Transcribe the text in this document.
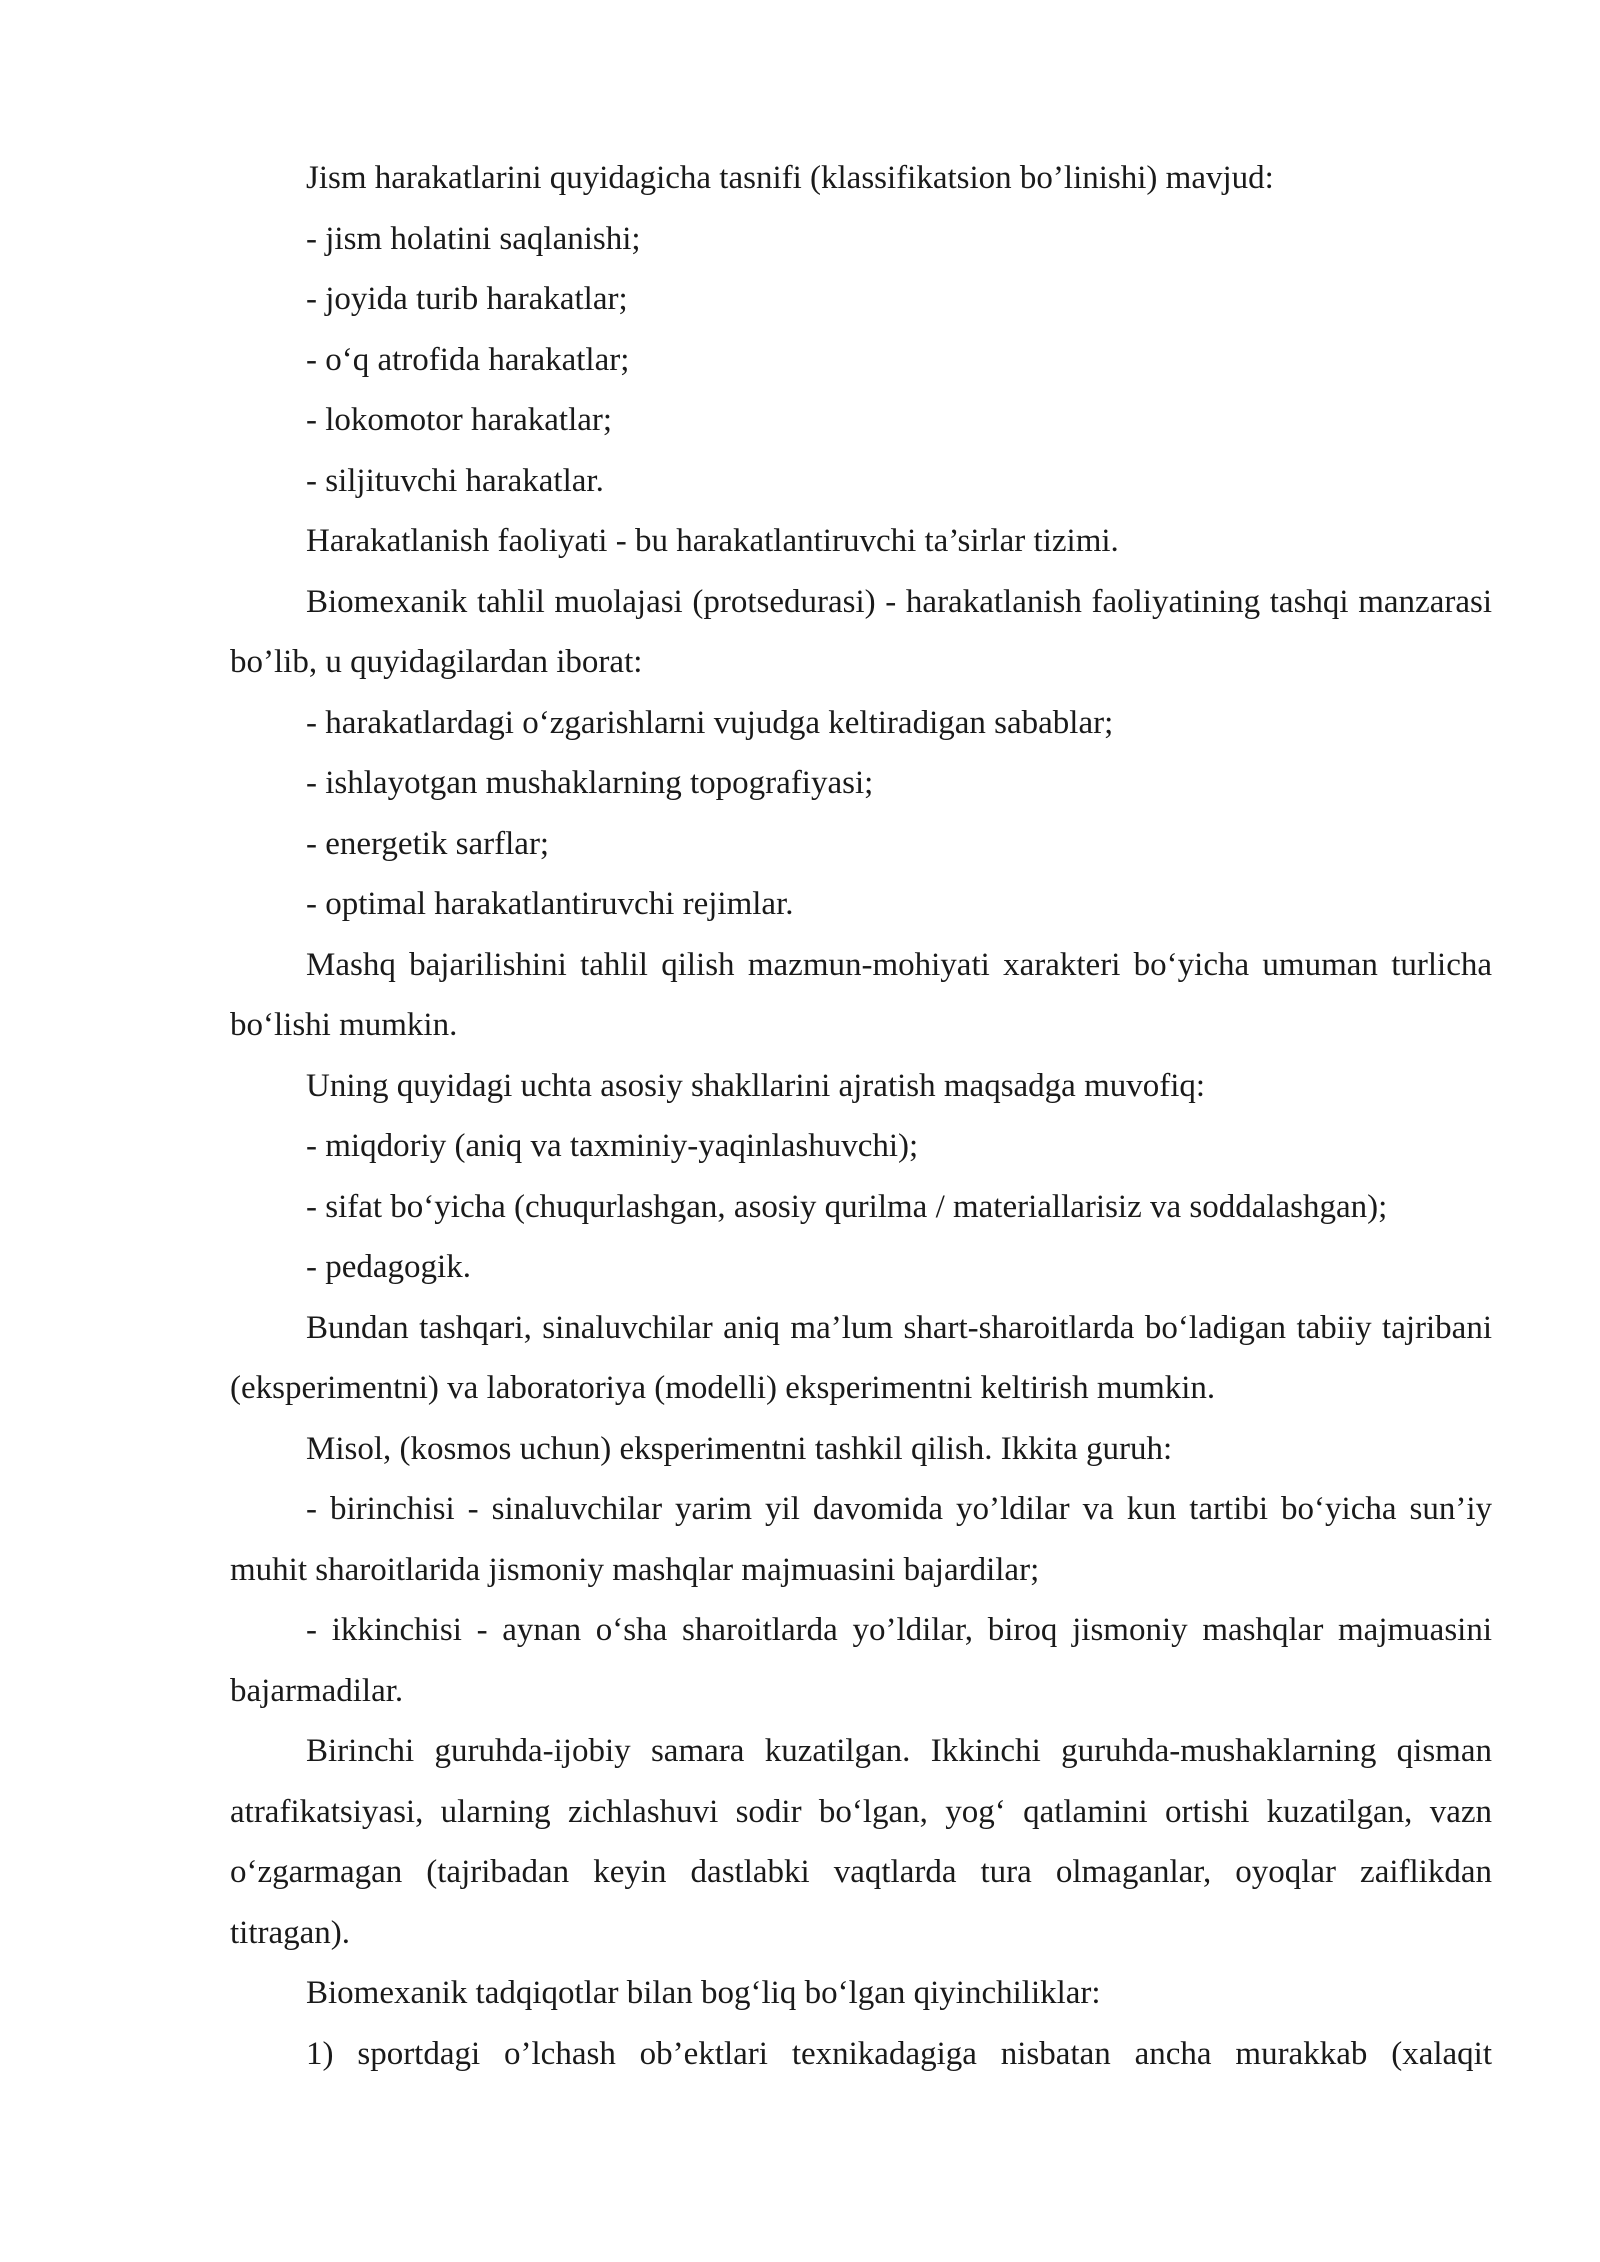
Jism harakatlarini quyidagicha tasnifi (klassifikatsion bo’linishi) mavjud:

- jism holatini saqlanishi;

- joyida turib harakatlar;

- o‘q atrofida harakatlar;

- lokomotor harakatlar;

- siljituvchi harakatlar.

Harakatlanish faoliyati - bu harakatlantiruvchi ta’sirlar tizimi.

Biomexanik tahlil muolajasi (protsedurasi) - harakatlanish faoliyatining tashqi manzarasi bo’lib, u quyidagilardan iborat:

- harakatlardagi o‘zgarishlarni vujudga keltiradigan sabablar;

- ishlayotgan mushaklarning topografiyasi;

- energetik sarflar;

- optimal harakatlantiruvchi rejimlar.

Mashq bajarilishini tahlil qilish mazmun-mohiyati xarakteri bo‘yicha umuman turlicha bo‘lishi mumkin.

Uning quyidagi uchta asosiy shakllarini ajratish maqsadga muvofiq:

- miqdoriy (aniq va taxminiy-yaqinlashuvchi);

- sifat bo‘yicha (chuqurlashgan, asosiy qurilma / materiallarisiz va soddalashgan);

- pedagogik.

Bundan tashqari, sinaluvchilar aniq ma’lum shart-sharoitlarda bo‘ladigan tabiiy tajribani (eksperimentni) va laboratoriya (modelli) eksperimentni keltirish mumkin.

Misol, (kosmos uchun) eksperimentni tashkil qilish. Ikkita guruh:

- birinchisi - sinaluvchilar yarim yil davomida yo’ldilar va kun tartibi bo‘yicha sun’iy muhit sharoitlarida jismoniy mashqlar majmuasini bajardilar;

- ikkinchisi - aynan o‘sha sharoitlarda yo’ldilar, biroq jismoniy mashqlar majmuasini bajarmadilar.

Birinchi guruhda-ijobiy samara kuzatilgan. Ikkinchi guruhda-mushaklarning qisman atrafikatsiyasi, ularning zichlashuvi sodir bo‘lgan, yog‘ qatlamini ortishi kuzatilgan, vazn o‘zgarmagan (tajribadan keyin dastlabki vaqtlarda tura olmaganlar, oyoqlar zaiflikdan titragan).

Biomexanik tadqiqotlar bilan bog‘liq bo‘lgan qiyinchiliklar:

1) sportdagi o’lchash ob’ektlari texnikadagiga nisbatan ancha murakkab (xalaqit
